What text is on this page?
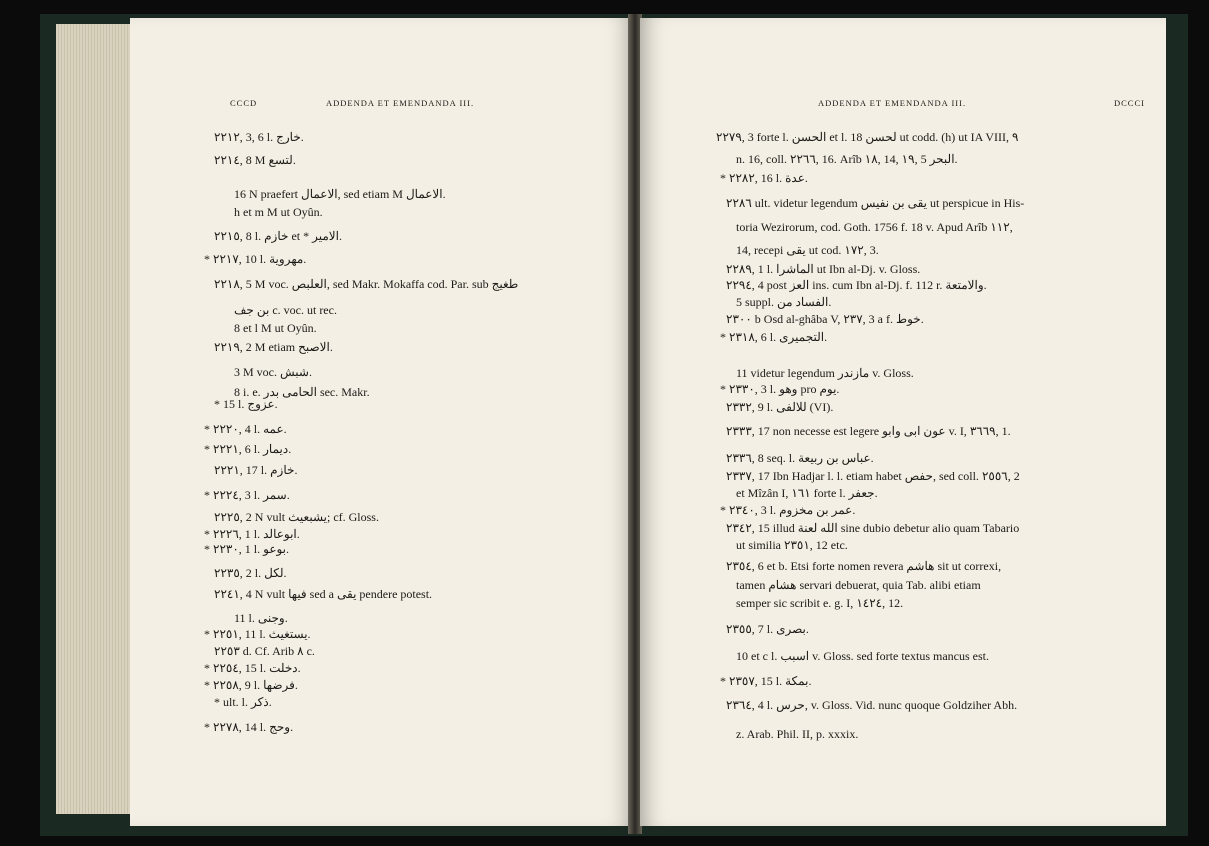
CCCD	ADDENDA ET EMENDANDA III.
٢٢١٢, 3, 6 l. خارج.
٢٢١٤, 8 M لتسع.
16 N praefert الاعمال, sed etiam M الاعمال.
h et m M ut Oyûn.
٢٢١٥, 8 l. خازم et * الامير.
* ٢٢١٧, 10 l. مهروية.
٢٢١٨, 5 M voc. العلبص, sed Makr. Mokaffa cod. Par. sub طغيج
بن جف c. voc. ut rec.
8 et l M ut Oyûn.
٢٢١٩, 2 M etiam الاصبح.
3 M voc. شبش.
8 i. e. الحامى بدر sec. Makr.
* 15 l. عزوج.
* ٢٢٢٠, 4 l. عمه.
* ٢٢٢١, 6 l. ديمار.
٢٢٢١, 17 l. خازم.
* ٢٢٢٤, 3 l. سمر.
٢٢٢٥, 2 N vult يشبعيث; cf. Gloss.
* ٢٢٢٦, 1 l. ابوعالد.
* ٢٢٣٠, 1 l. بوعو.
٢٢٣٥, 2 l. لكل.
٢٢٤١, 4 N vult فيها sed a يقى pendere potest.
11 l. وجنى.
* ٢٢٥١, 11 l. يستغيث.
٢٢٥٣ d. Cf. Arib ٨ c.
* ٢٢٥٤, 15 l. دخلت.
* ٢٢٥٨, 9 l. فرضها.
* ult. l. ذكر.
* ٢٢٧٨, 14 l. وحج.
ADDENDA ET EMENDANDA III.	DCCCI
٢٢٧٩, 3 forte l. الحسن et l. 18 لحسن ut codd. (h) ut IA VIII, ٩
n. 16, coll. ٢٢٦٦, 16. Arîb ١٨, 14, ١٩, 5 البحر.
* ٢٢٨٢, 16 l. عدة.
٢٢٨٦ ult. videtur legendum يقى بن نفيس ut perspicue in His-
toria Wezirorum, cod. Goth. 1756 f. 18 v. Apud Arîb ١١٢,
14, recepi يقى ut cod. ١٧٢, 3.
٢٢٨٩, 1 l. الماشرا ut Ibn al-Dj. v. Gloss.
٢٢٩٤, 4 post العز ins. cum Ibn al-Dj. f. 112 r. والامتعة.
5 suppl. الفساد من.
٢٣٠٠ b Osd al-ghâba V, ٢٣٧, 3 a f. خوط.
* ٢٣١٨, 6 l. التجميرى.
11 videtur legendum مازندر v. Gloss.
* ٢٣٣٠, 3 l. وهو pro يوم.
٢٣٣٢, 9 l. للالفى (VI).
٢٣٣٣, 17 non necesse est legere عون ابى وابو v. I, ٣٦٦٩, 1.
٢٣٣٦, 8 seq. l. عباس بن ربيعة.
٢٣٣٧, 17 Ibn Hadjar l. l. etiam habet حفص, sed coll. ٢٥٥٦, 2
et Mîzân I, ١٦١ forte l. جعفر.
* ٢٣٤٠, 3 l. عمر بن مخزوم.
٢٣٤٢, 15 illud الله لعنة sine dubio debetur alio quam Tabario
ut similia ٢٣٥١, 12 etc.
٢٣٥٤, 6 et b. Etsi forte nomen revera هاشم sit ut correxi,
tamen هشام servari debuerat, quia Tab. alibi etiam
semper sic scribit e. g. I, ١٤٢٤, 12.
٢٣٥٥, 7 l. بصرى.
10 et c l. اسبب v. Gloss. sed forte textus mancus est.
* ٢٣٥٧, 15 l. بمكة.
٢٣٦٤, 4 l. حرس, v. Gloss. Vid. nunc quoque Goldziher Abh.
z. Arab. Phil. II, p. xxxix.
